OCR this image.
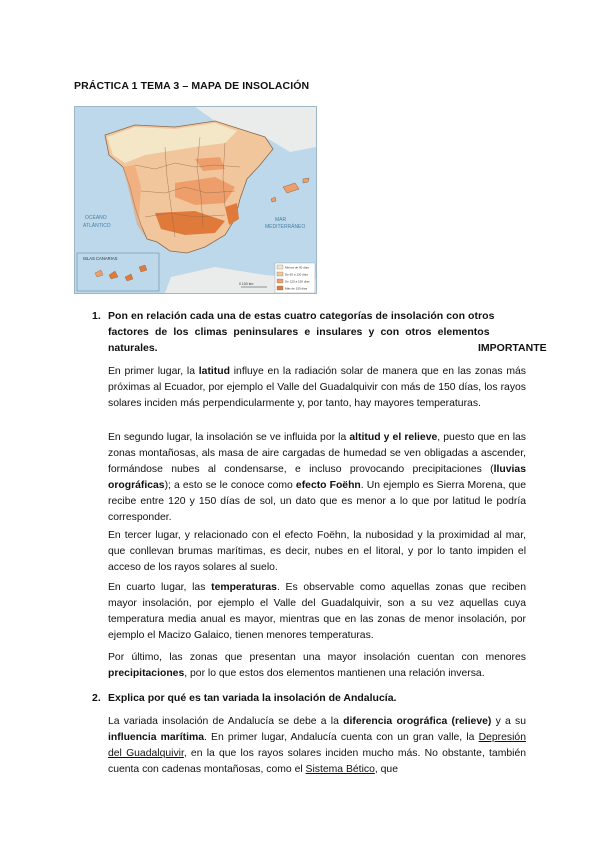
PRÁCTICA 1 TEMA 3 – MAPA DE INSOLACIÓN
OCÉANO
ATLÁNTICO
MAR
MEDITERRÁNEO
ISLAS CANARIAS
Menos de 60 días
De 60 a 120 días
De 120 a 150 días
Más de 150 días
0 100 km
1. Pon en relación cada una de estas cuatro categorías de insolación con otros
factores de los climas peninsulares e insulares y con otros elementos
naturales.	IMPORTANTE

En primer lugar, la latitud influye en la radiación solar de manera que en las zonas más próximas al Ecuador, por ejemplo el Valle del Guadalquivir con más de 150 días, los rayos solares inciden más perpendicularmente y, por tanto, hay mayores temperaturas.

En segundo lugar, la insolación se ve influida por la altitud y el relieve, puesto que en las zonas montañosas, als masa de aire cargadas de humedad se ven obligadas a ascender, formándose nubes al condensarse, e incluso provocando precipitaciones (lluvias orográficas); a esto se le conoce como efecto Foëhn. Un ejemplo es Sierra Morena, que recibe entre 120 y 150 días de sol, un dato que es menor a lo que por latitud le podría corresponder.

En tercer lugar, y relacionado con el efecto Foëhn, la nubosidad y la proximidad al mar, que conllevan brumas marítimas, es decir, nubes en el litoral, y por lo tanto impiden el acceso de los rayos solares al suelo.

En cuarto lugar, las temperaturas. Es observable como aquellas zonas que reciben mayor insolación, por ejemplo el Valle del Guadalquivir, son a su vez aquellas cuya temperatura media anual es mayor, mientras que en las zonas de menor insolación, por ejemplo el Macizo Galaico, tienen menores temperaturas.

Por último, las zonas que presentan una mayor insolación cuentan con menores precipitaciones, por lo que estos dos elementos mantienen una relación inversa.

2. Explica por qué es tan variada la insolación de Andalucía.

La variada insolación de Andalucía se debe a la diferencia orográfica (relieve) y a su influencia marítima. En primer lugar, Andalucía cuenta con un gran valle, la Depresión del Guadalquivir, en la que los rayos solares inciden mucho más. No obstante, también cuenta con cadenas montañosas, como el Sistema Bético, que
